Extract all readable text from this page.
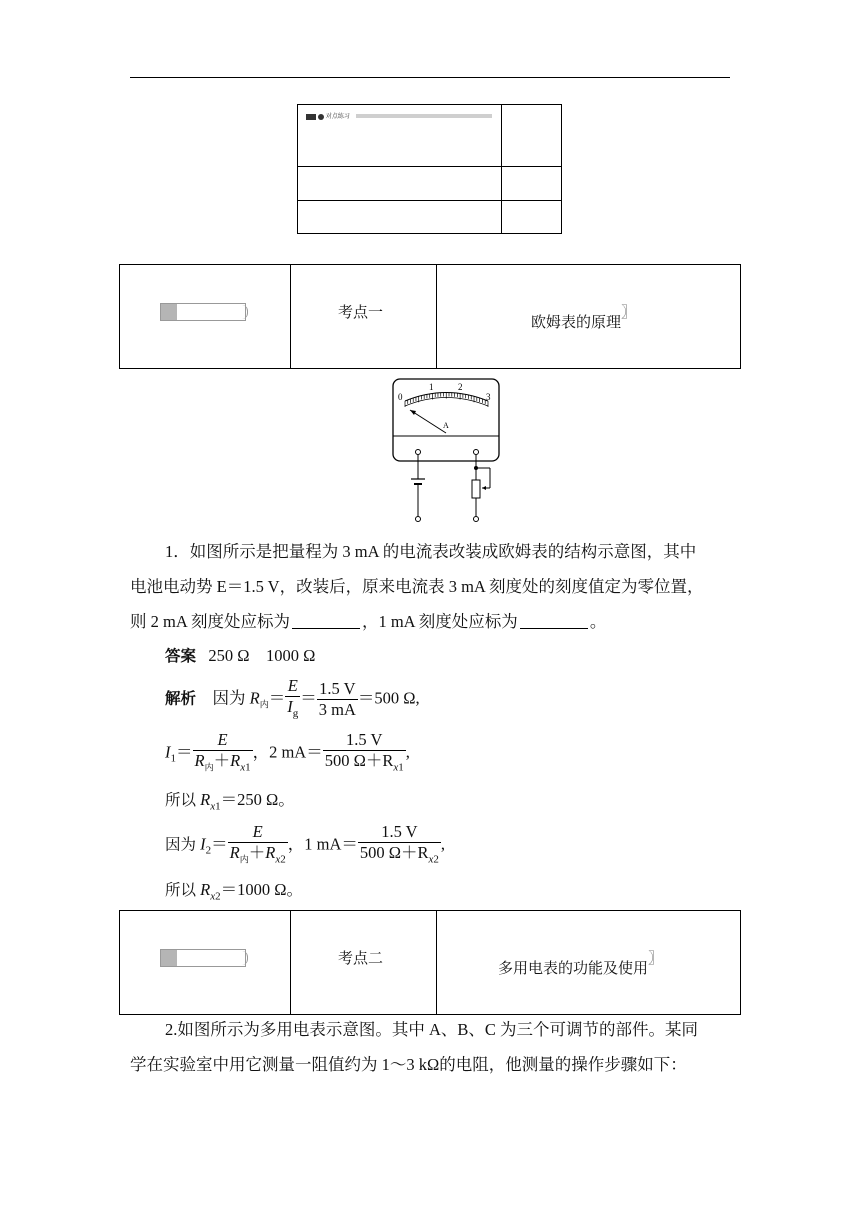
对点练习
考点一
欧姆表的原理〗
0
1	2
3
A
1．如图所示是把量程为 3 mA 的电流表改装成欧姆表的结构示意图，其中
电池电动势 E＝1.5 V，改装后，原来电流表 3 mA 刻度处的刻度值定为零位置，
则 2 mA 刻度处应标为	，1 mA 刻度处应标为	。
答案 250 Ω    1000 Ω
解析 因为 $R_内= \frac{E}{I_g} = \frac{1.5 V}{3 mA} =500$ Ω,
$I_1= \frac{E}{R_内+R_{x1}}$ ，2 $mA= \frac{1.5 V}{500 \Omega+R_{x1}}$ ,
所以 $R_{x1}=250$ Ω。
因为 $I_2= \frac{E}{R_内+R_{x2}}$ ，1 $mA= \frac{1.5 V}{500 \Omega+R_{x2}}$ ,
所以 $R_{x2}=1000$ Ω。
考点二
多用电表的功能及使用〗
2.如图所示为多用电表示意图。其中 A、B、C 为三个可调节的部件。某同
学在实验室中用它测量一阻值约为 1～3 kΩ的电阻，他测量的操作步骤如下：
